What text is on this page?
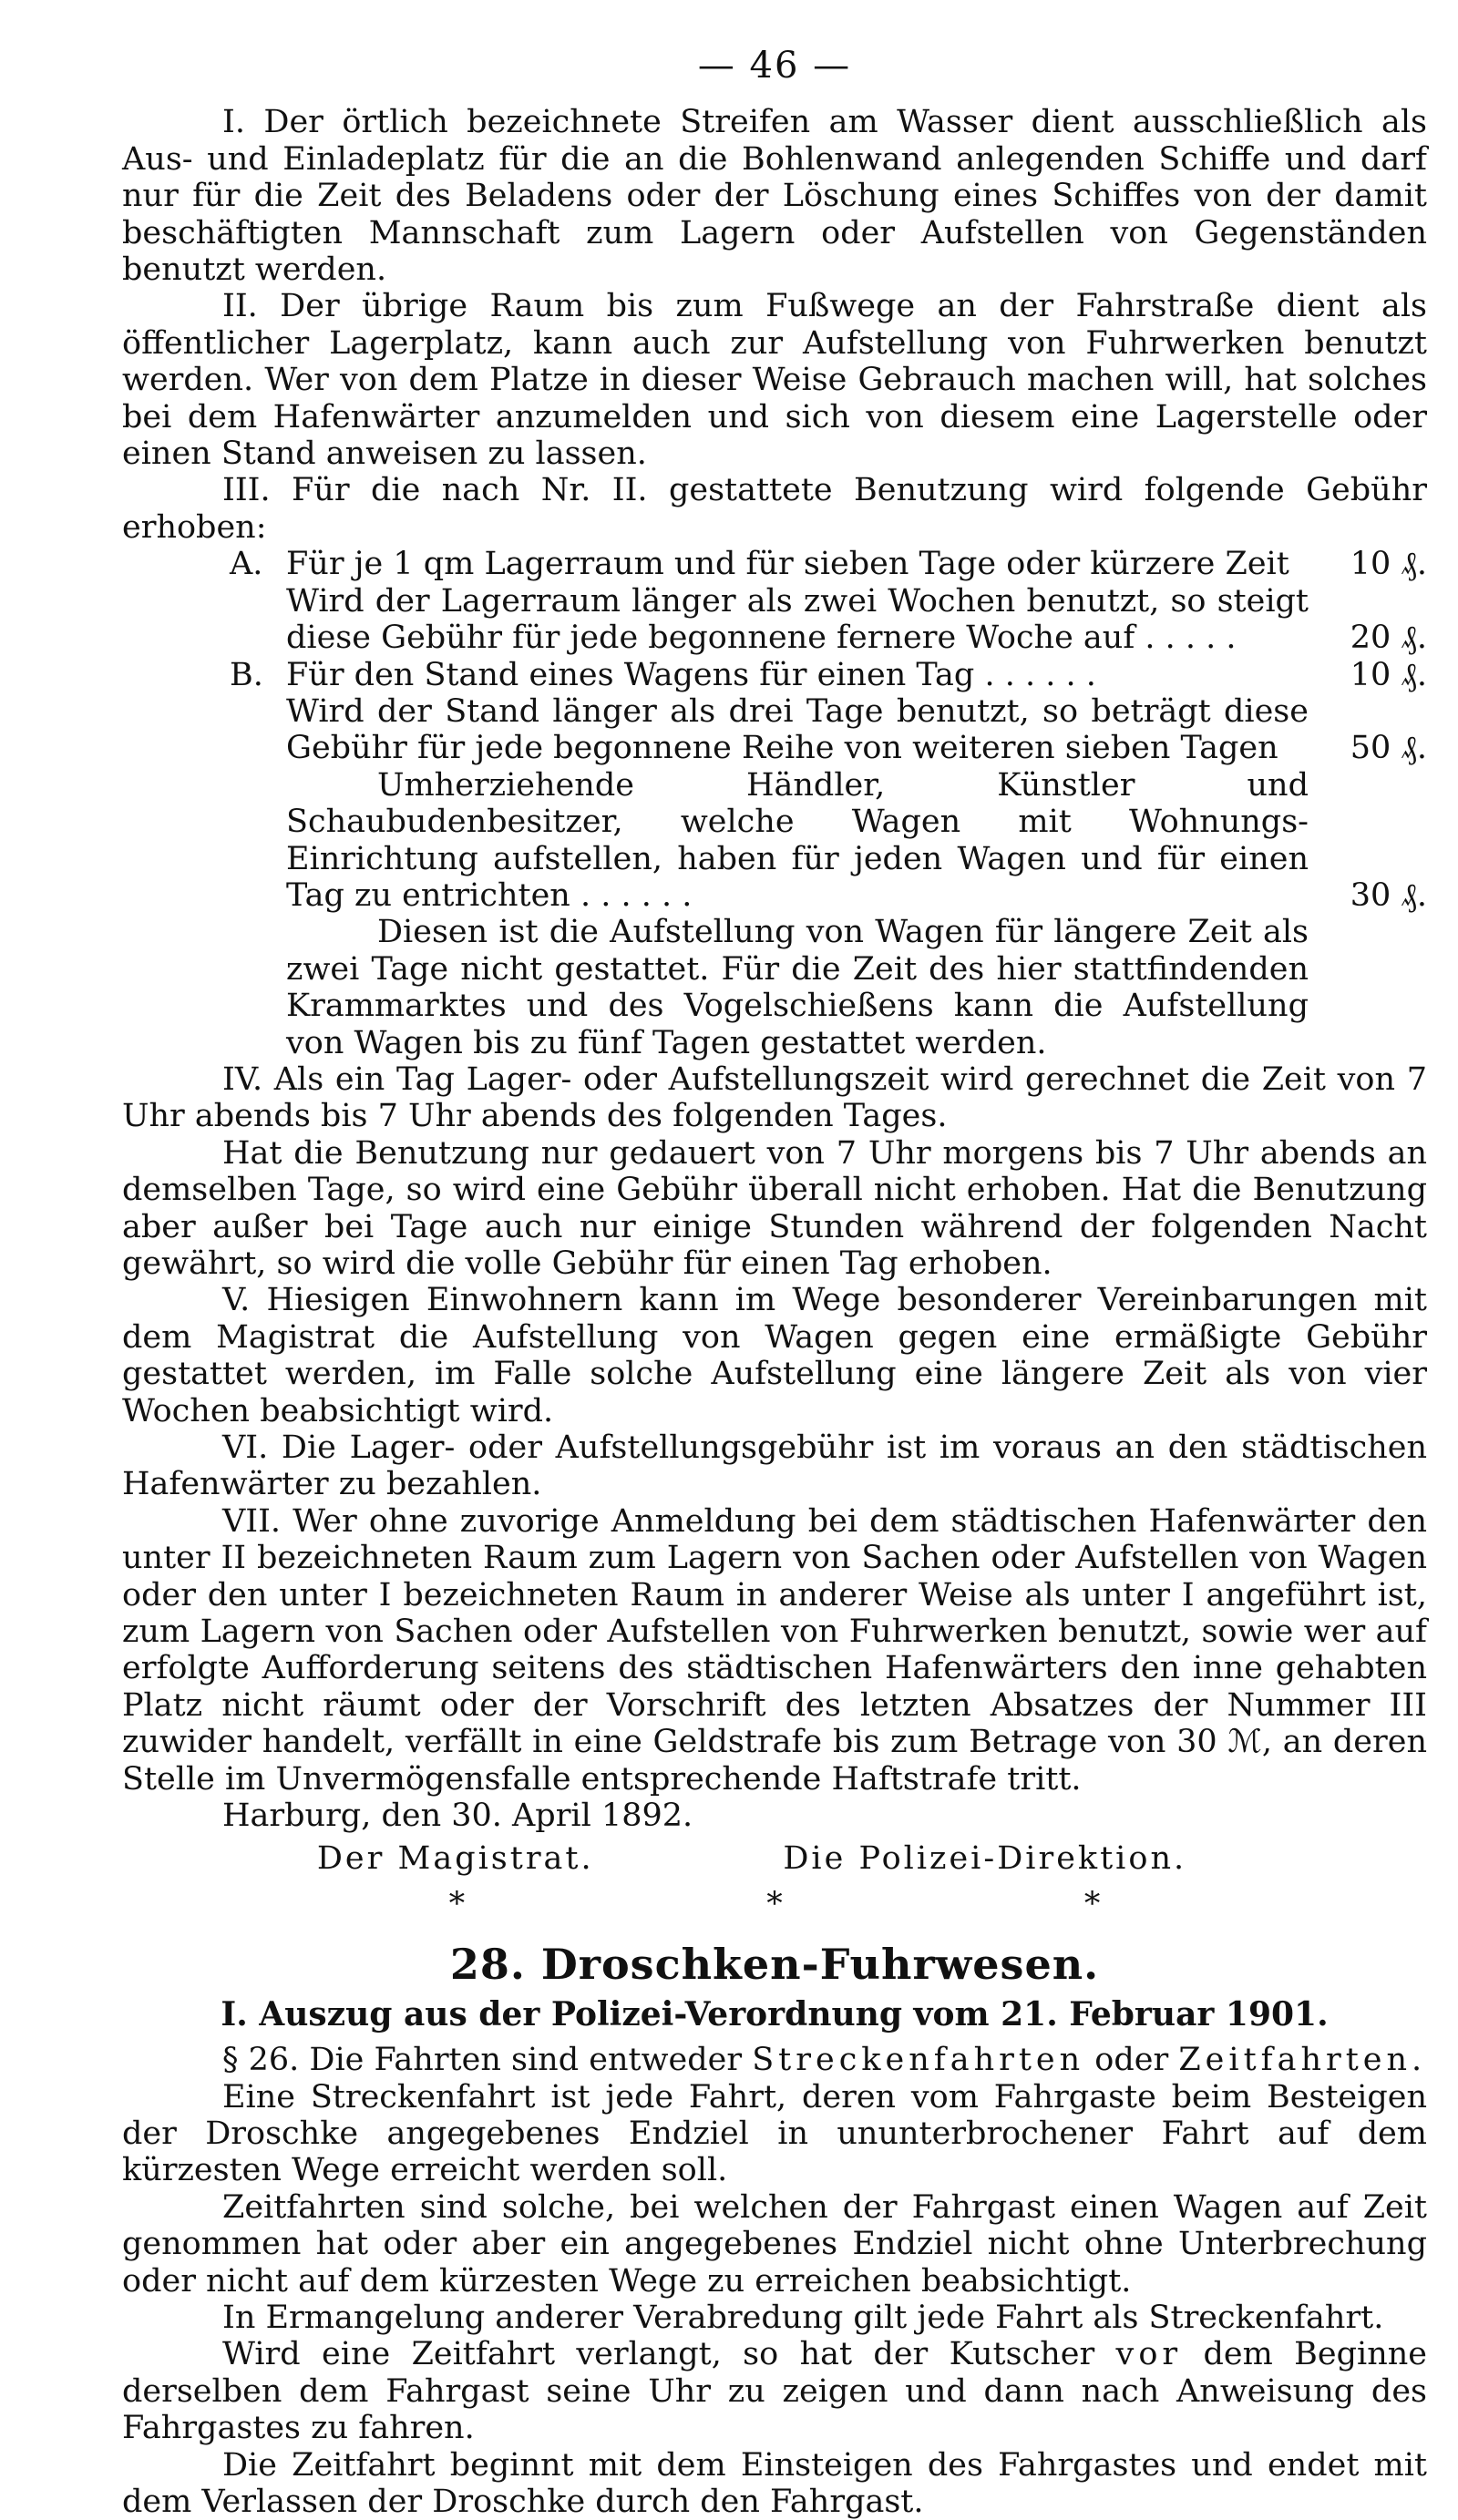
— 46 —

I. Der örtlich bezeichnete Streifen am Wasser dient ausschließlich als Aus- und Einladeplatz für die an die Bohlenwand anlegenden Schiffe und darf nur für die Zeit des Beladens oder der Löschung eines Schiffes von der damit beschäftigten Mannschaft zum Lagern oder Aufstellen von Gegenständen benutzt werden.

II. Der übrige Raum bis zum Fußwege an der Fahrstraße dient als öffentlicher Lagerplatz, kann auch zur Aufstellung von Fuhrwerken benutzt werden. Wer von dem Platze in dieser Weise Gebrauch machen will, hat solches bei dem Hafenwärter anzumelden und sich von diesem eine Lagerstelle oder einen Stand anweisen zu lassen.

III. Für die nach Nr. II. gestattete Benutzung wird folgende Gebühr erhoben:

A. Für je 1 qm Lagerraum und für sieben Tage oder kürzere Zeit	10 ₰.
Wird der Lagerraum länger als zwei Wochen benutzt, so steigt diese Gebühr für jede begonnene fernere Woche auf . . . . .	20 ₰.
B. Für den Stand eines Wagens für einen Tag . . . . . .	10 ₰.
Wird der Stand länger als drei Tage benutzt, so beträgt diese Gebühr für jede begonnene Reihe von weiteren sieben Tagen	50 ₰.
Umherziehende Händler, Künstler und Schaubudenbesitzer, welche Wagen mit Wohnungs-Einrichtung aufstellen, haben für jeden Wagen und für einen Tag zu entrichten . . . . . .	30 ₰.

Diesen ist die Aufstellung von Wagen für längere Zeit als zwei Tage nicht gestattet. Für die Zeit des hier stattfindenden Krammarktes und des Vogelschießens kann die Aufstellung von Wagen bis zu fünf Tagen gestattet werden.

IV. Als ein Tag Lager- oder Aufstellungszeit wird gerechnet die Zeit von 7 Uhr abends bis 7 Uhr abends des folgenden Tages.

Hat die Benutzung nur gedauert von 7 Uhr morgens bis 7 Uhr abends an demselben Tage, so wird eine Gebühr überall nicht erhoben. Hat die Benutzung aber außer bei Tage auch nur einige Stunden während der folgenden Nacht gewährt, so wird die volle Gebühr für einen Tag erhoben.

V. Hiesigen Einwohnern kann im Wege besonderer Vereinbarungen mit dem Magistrat die Aufstellung von Wagen gegen eine ermäßigte Gebühr gestattet werden, im Falle solche Aufstellung eine längere Zeit als von vier Wochen beabsichtigt wird.

VI. Die Lager- oder Aufstellungsgebühr ist im voraus an den städtischen Hafenwärter zu bezahlen.

VII. Wer ohne zuvorige Anmeldung bei dem städtischen Hafenwärter den unter II bezeichneten Raum zum Lagern von Sachen oder Aufstellen von Wagen oder den unter I bezeichneten Raum in anderer Weise als unter I angeführt ist, zum Lagern von Sachen oder Aufstellen von Fuhrwerken benutzt, sowie wer auf erfolgte Aufforderung seitens des städtischen Hafenwärters den inne gehabten Platz nicht räumt oder der Vorschrift des letzten Absatzes der Nummer III zuwider handelt, verfällt in eine Geldstrafe bis zum Betrage von 30 ℳ, an deren Stelle im Unvermögensfalle entsprechende Haftstrafe tritt.

Harburg, den 30. April 1892.

Der Magistrat.	Die Polizei-Direktion.
* * *
28. Droschken-Fuhrwesen.
I. Auszug aus der Polizei-Verordnung vom 21. Februar 1901.

§ 26. Die Fahrten sind entweder Streckenfahrten oder Zeitfahrten.

Eine Streckenfahrt ist jede Fahrt, deren vom Fahrgaste beim Besteigen der Droschke angegebenes Endziel in ununterbrochener Fahrt auf dem kürzesten Wege erreicht werden soll.

Zeitfahrten sind solche, bei welchen der Fahrgast einen Wagen auf Zeit genommen hat oder aber ein angegebenes Endziel nicht ohne Unterbrechung oder nicht auf dem kürzesten Wege zu erreichen beabsichtigt.

In Ermangelung anderer Verabredung gilt jede Fahrt als Streckenfahrt.

Wird eine Zeitfahrt verlangt, so hat der Kutscher vor dem Beginne derselben dem Fahrgast seine Uhr zu zeigen und dann nach Anweisung des Fahrgastes zu fahren.

Die Zeitfahrt beginnt mit dem Einsteigen des Fahrgastes und endet mit dem Verlassen der Droschke durch den Fahrgast.
